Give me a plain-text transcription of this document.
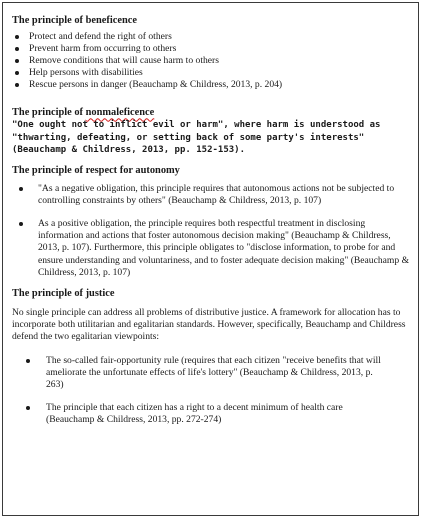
The principle of beneficence
Protect and defend the right of others
Prevent harm from occurring to others
Remove conditions that will cause harm to others
Help persons with disabilities
Rescue persons in danger (Beauchamp & Childress, 2013, p. 204)
The principle of nonmaleficence

"One ought not to inflict evil or harm", where harm is understood as "thwarting, defeating, or setting back of some party's interests" (Beauchamp & Childress, 2013, pp. 152-153).

The principle of respect for autonomy
"As a negative obligation, this principle requires that autonomous actions not be subjected to controlling constraints by others" (Beauchamp & Childress, 2013, p. 107)
As a positive obligation, the principle requires both respectful treatment in disclosing information and actions that foster autonomous decision making" (Beauchamp & Childress, 2013, p. 107). Furthermore, this principle obligates to "disclose information, to probe for and ensure understanding and voluntariness, and to foster adequate decision making" (Beauchamp & Childress, 2013, p. 107)
The principle of justice

No single principle can address all problems of distributive justice. A framework for allocation has to incorporate both utilitarian and egalitarian standards. However, specifically, Beauchamp and Childress defend the two egalitarian viewpoints:

The so-called fair-opportunity rule (requires that each citizen "receive benefits that will ameliorate the unfortunate effects of life's lottery" (Beauchamp & Childress, 2013, p. 263)
The principle that each citizen has a right to a decent minimum of health care (Beauchamp & Childress, 2013, pp. 272-274)
